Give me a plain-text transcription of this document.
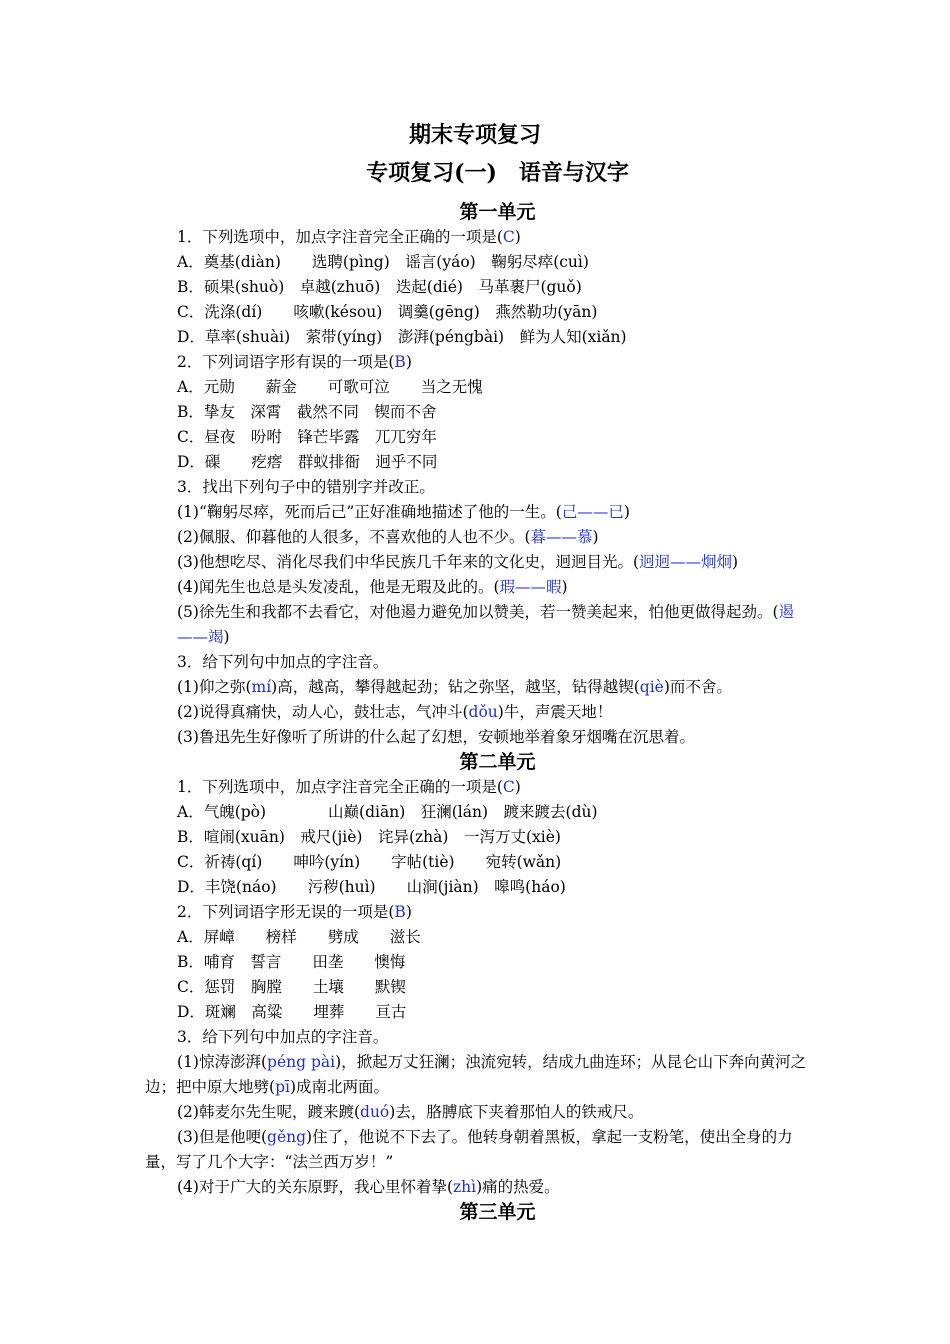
期末专项复习
专项复习(一)　语音与汉字
第一单元
1．下列选项中，加点字注音完全正确的一项是(C)
A．奠基(diàn)　　选聘(pìng)　谣言(yáo)　鞠躬尽瘁(cuì)
B．硕果(shuò)　卓越(zhuō)　迭起(dié)　马革裹尸(guǒ)
C．洗涤(dí)　　咳嗽(késou)　调羹(gēng)　燕然勒功(yān)
D．草率(shuài)　萦带(yíng)　澎湃(péngbài)　鲜为人知(xiǎn)
2．下列词语字形有误的一项是(B)
A．元勋　　薪金　　可歌可泣　　当之无愧
B．挚友　深霄　截然不同　锲而不舍
C．昼夜　吩咐　锋芒毕露　兀兀穷年
D．磲　　疙瘩　群蚁排衙　迥乎不同
3．找出下列句子中的错别字并改正。
(1)“鞠躬尽瘁，死而后己”正好准确地描述了他的一生。(己——已)
(2)佩服、仰暮他的人很多，不喜欢他的人也不少。(暮——慕)
(3)他想吃尽、消化尽我们中华民族几千年来的文化史，迥迥目光。(迥迥——炯炯)
(4)闻先生也总是头发凌乱，他是无瑕及此的。(瑕——暇)
(5)徐先生和我都不去看它，对他遏力避免加以赞美，若一赞美起来，怕他更做得起劲。(遏——竭)
3．给下列句中加点的字注音。
(1)仰之弥(mí)高，越高，攀得越起劲；钻之弥坚，越坚，钻得越锲(qiè)而不舍。
(2)说得真痛快，动人心，鼓壮志，气冲斗(dǒu)牛，声震天地！
(3)鲁迅先生好像听了所讲的什么起了幻想，安顿地举着象牙烟嘴在沉思着。
第二单元
1．下列选项中，加点字注音完全正确的一项是(C)
A．气魄(pò)　　　　山巅(diān)　狂澜(lán)　踱来踱去(dù)
B．喧闹(xuān)　戒尺(jiè)　诧异(zhà)　一泻万丈(xiè)
C．祈祷(qí)　　呻吟(yín)　　字帖(tiè)　　宛转(wǎn)
D．丰饶(náo)　　污秽(huì)　　山涧(jiàn)　嗥鸣(háo)
2．下列词语字形无误的一项是(B)
A．屏嶂　　榜样　　劈成　　滋长
B．哺育　誓言　　田垄　　懊悔
C．惩罚　胸膛　　土壤　　默锲
D．斑斓　高粱　　埋葬　　亘古
3．给下列句中加点的字注音。
(1)惊涛澎湃(péng pài)，掀起万丈狂澜；浊流宛转，结成九曲连环；从昆仑山下奔向黄河之边；把中原大地劈(pī)成南北两面。
(2)韩麦尔先生呢，踱来踱(duó)去，胳膊底下夹着那怕人的铁戒尺。
(3)但是他哽(gěng)住了，他说不下去了。他转身朝着黑板，拿起一支粉笔，使出全身的力量，写了几个大字：“法兰西万岁！”
(4)对于广大的关东原野，我心里怀着挚(zhì)痛的热爱。
第三单元
